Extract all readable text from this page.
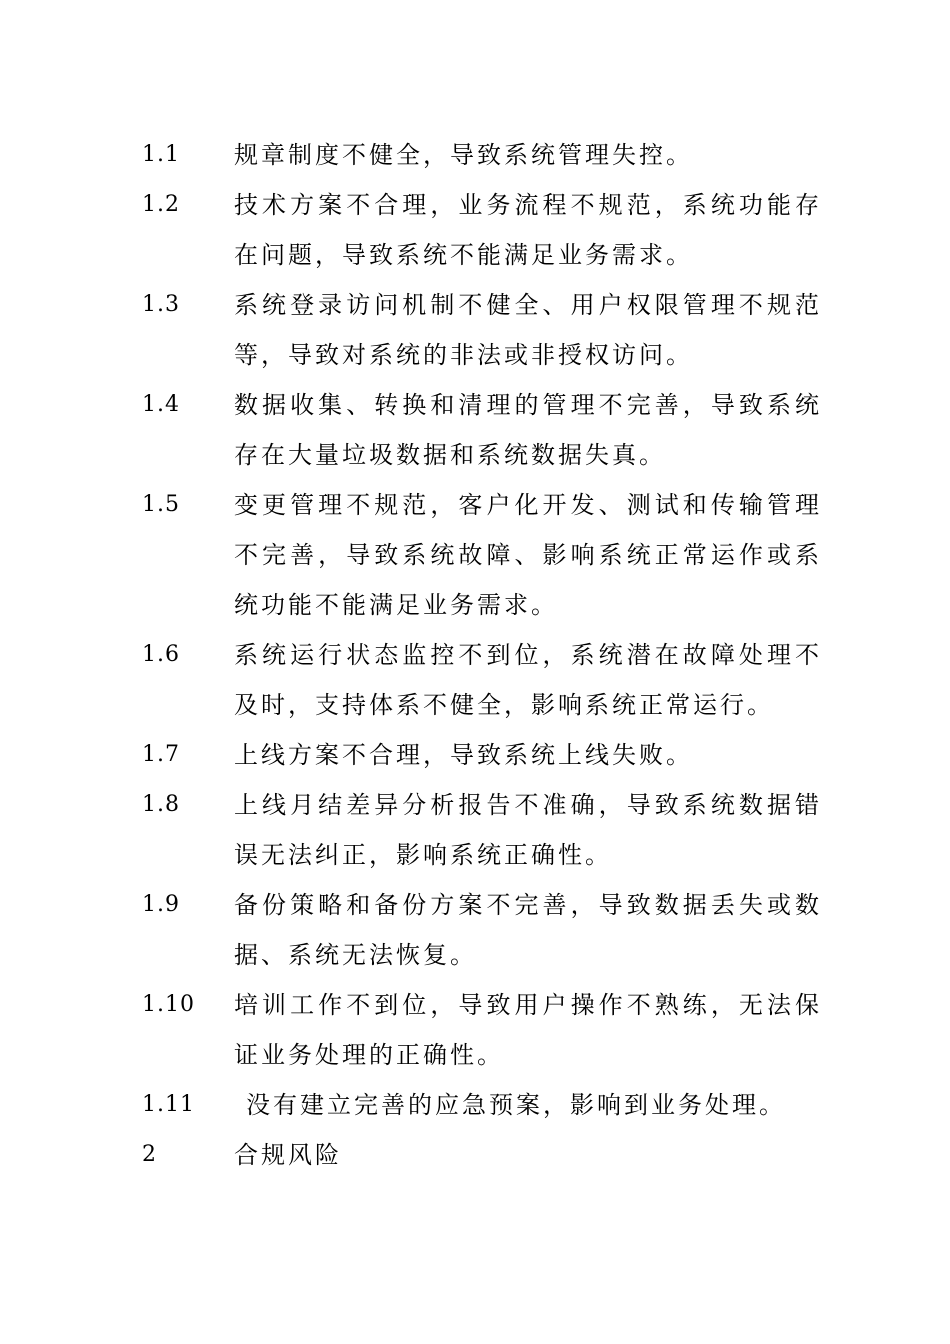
1.1	规章制度不健全，导致系统管理失控。
1.2	技术方案不合理，业务流程不规范，系统功能存在问题，导致系统不能满足业务需求。
1.3	系统登录访问机制不健全、用户权限管理不规范等，导致对系统的非法或非授权访问。
1.4	数据收集、转换和清理的管理不完善，导致系统存在大量垃圾数据和系统数据失真。
1.5	变更管理不规范，客户化开发、测试和传输管理不完善，导致系统故障、影响系统正常运作或系统功能不能满足业务需求。
1.6	系统运行状态监控不到位，系统潜在故障处理不及时，支持体系不健全，影响系统正常运行。
1.7	上线方案不合理，导致系统上线失败。
1.8	上线月结差异分析报告不准确，导致系统数据错误无法纠正，影响系统正确性。
1.9	备份策略和备份方案不完善，导致数据丢失或数据、系统无法恢复。
1.10	培训工作不到位，导致用户操作不熟练，无法保证业务处理的正确性。
1.11	没有建立完善的应急预案，影响到业务处理。
2	合规风险
